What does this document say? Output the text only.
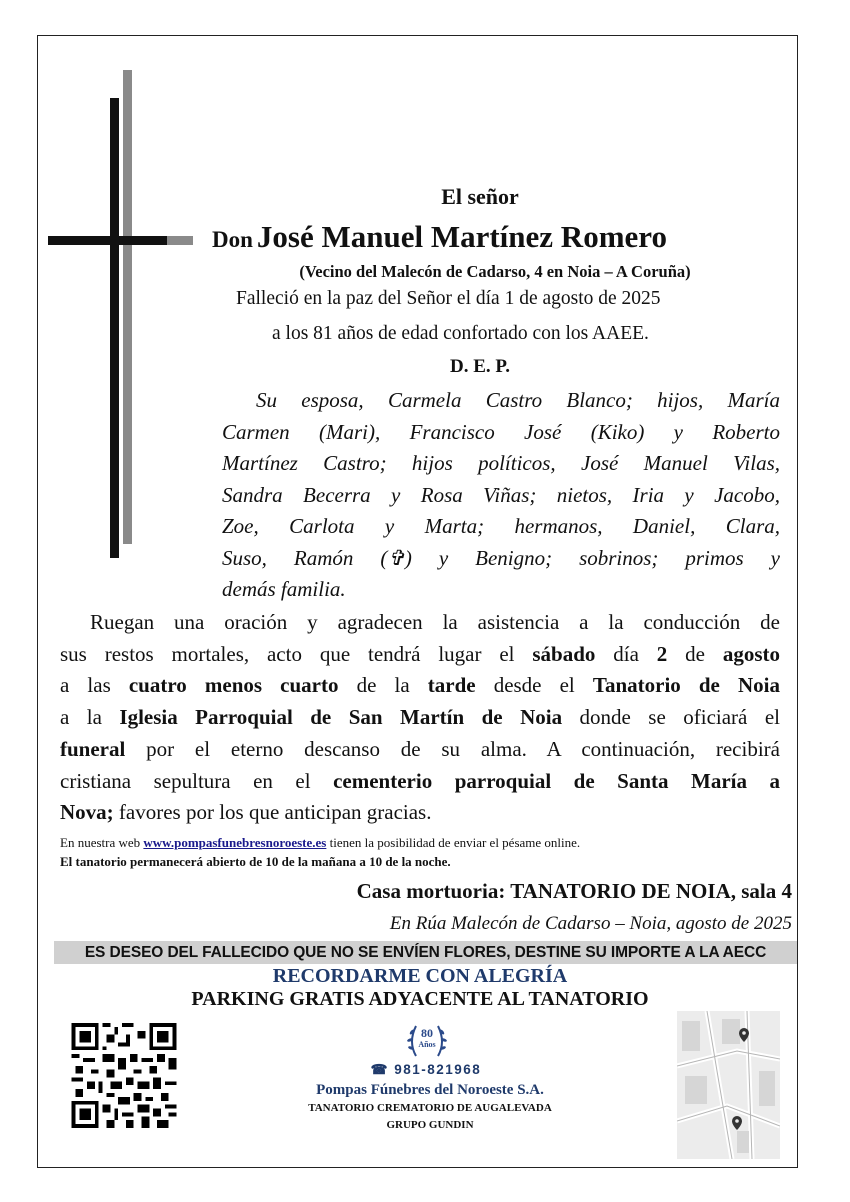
El señor
Don José Manuel Martínez Romero
(Vecino del Malecón de Cadarso, 4 en Noia – A Coruña)
Falleció en la paz del Señor el día 1 de agosto de 2025
a los 81 años de edad confortado con los AAEE.
D. E. P.
Su esposa, Carmela Castro Blanco; hijos, María
Carmen (Mari), Francisco José (Kiko) y Roberto
Martínez Castro; hijos políticos, José Manuel Vilas,
Sandra Becerra y Rosa Viñas; nietos, Iria y Jacobo,
Zoe, Carlota y Marta; hermanos, Daniel, Clara,
Suso, Ramón (✞) y Benigno; sobrinos; primos y
demás familia.
Ruegan una oración y agradecen la asistencia a la conducción de
sus restos mortales, acto que tendrá lugar el sábado día 2 de agosto
a las cuatro menos cuarto de la tarde desde el Tanatorio de Noia
a la Iglesia Parroquial de San Martín de Noia donde se oficiará el
funeral por el eterno descanso de su alma. A continuación, recibirá
cristiana sepultura en el cementerio parroquial de Santa María a
Nova; favores por los que anticipan gracias.
En nuestra web www.pompasfunebresnoroeste.es tienen la posibilidad de enviar el pésame online.
El tanatorio permanecerá abierto de 10 de la mañana a 10 de la noche.
Casa mortuoria: TANATORIO DE NOIA, sala 4
En Rúa Malecón de Cadarso – Noia, agosto de 2025
ES DESEO DEL FALLECIDO QUE NO SE ENVÍEN FLORES, DESTINE SU IMPORTE A LA AECC
RECORDARME CON ALEGRÍA
PARKING GRATIS ADYACENTE AL TANATORIO
80
Años
☎ 981-821968
Pompas Fúnebres del Noroeste S.A.
TANATORIO CREMATORIO DE AUGALEVADA
GRUPO GUNDIN
